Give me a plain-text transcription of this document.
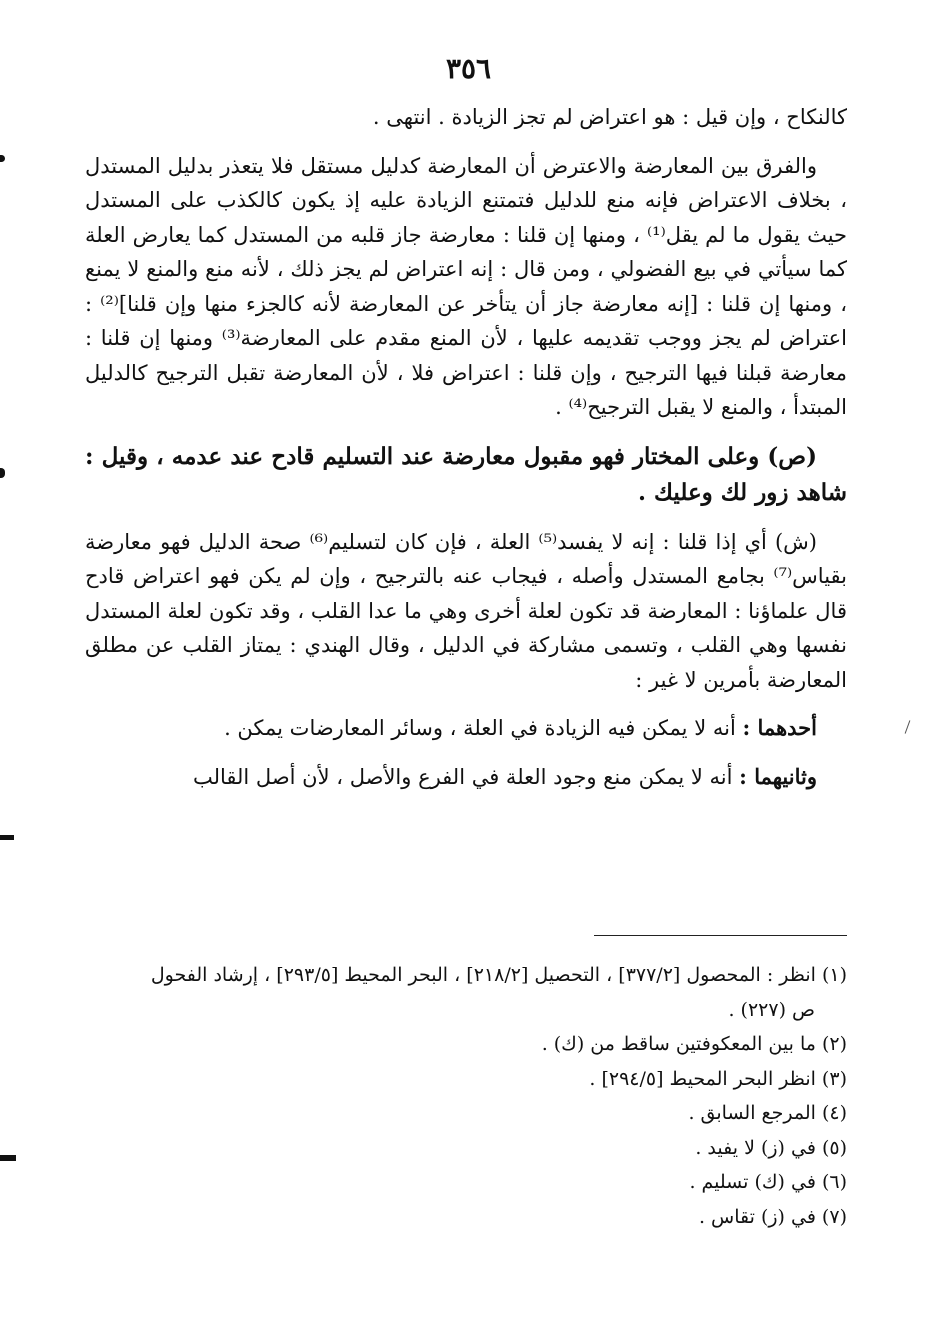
٣٥٦

كالنكاح ، وإن قيل : هو اعتراض لم تجز الزيادة . انتهى .

والفرق بين المعارضة والاعترض أن المعارضة كدليل مستقل فلا يتعذر بدليل المستدل ، بخلاف الاعتراض فإنه منع للدليل فتمتنع الزيادة عليه إذ يكون كالكذب على المستدل حيث يقول ما لم يقل⁽¹⁾ ، ومنها إن قلنا : معارضة جاز قلبه من المستدل كما يعارض العلة كما سيأتي في بيع الفضولي ، ومن قال : إنه اعتراض لم يجز ذلك ، لأنه منع والمنع لا يمنع ، ومنها إن قلنا : [إنه معارضة جاز أن يتأخر عن المعارضة لأنه كالجزء منها وإن قلنا]⁽²⁾ : اعتراض لم يجز ووجب تقديمه عليها ، لأن المنع مقدم على المعارضة⁽³⁾ ومنها إن قلنا : معارضة قبلنا فيها الترجيح ، وإن قلنا : اعتراض فلا ، لأن المعارضة تقبل الترجيح كالدليل المبتدأ ، والمنع لا يقبل الترجيح⁽⁴⁾ .

(ص) وعلى المختار فهو مقبول معارضة عند التسليم قادح عند عدمه ، وقيل : شاهد زور لك وعليك .

(ش) أي إذا قلنا : إنه لا يفسد⁽⁵⁾ العلة ، فإن كان لتسليم⁽⁶⁾ صحة الدليل فهو معارضة بقياس⁽⁷⁾ بجامع المستدل وأصله ، فيجاب عنه بالترجيح ، وإن لم يكن فهو اعتراض قادح قال علماؤنا : المعارضة قد تكون لعلة أخرى وهي ما عدا القلب ، وقد تكون لعلة المستدل نفسها وهي القلب ، وتسمى مشاركة في الدليل ، وقال الهندي : يمتاز القلب عن مطلق المعارضة بأمرين لا غير :

أحدهما : أنه لا يمكن فيه الزيادة في العلة ، وسائر المعارضات يمكن .

وثانيهما : أنه لا يمكن منع وجود العلة في الفرع والأصل ، لأن أصل القالب

(١) انظر : المحصول [٣٧٧/٢] ، التحصيل [٢١٨/٢] ، البحر المحيط [٢٩٣/٥] ، إرشاد الفحول

ص (٢٢٧) .

(٢) ما بين المعكوفتين ساقط من (ك) .

(٣) انظر البحر المحيط [٢٩٤/٥] .

(٤) المرجع السابق .

(٥) في (ز) لا يفيد .

(٦) في (ك) تسليم .

(٧) في (ز) تقاس .
